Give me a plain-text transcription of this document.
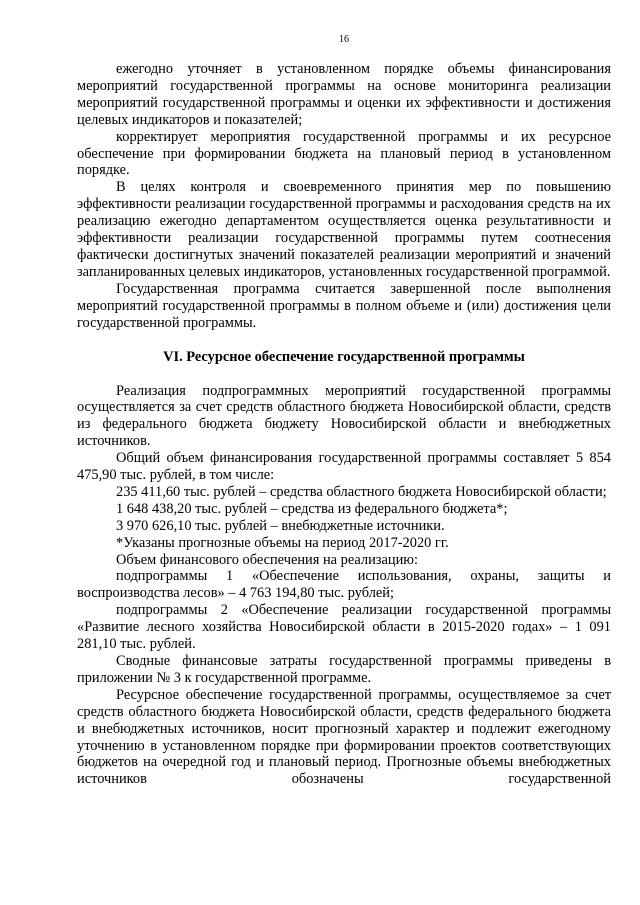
16

ежегодно уточняет в установленном порядке объемы финансирования мероприятий государственной программы на основе мониторинга реализации мероприятий государственной программы и оценки их эффективности и достижения целевых индикаторов и показателей;

корректирует мероприятия государственной программы и их ресурсное обеспечение при формировании бюджета на плановый период в установленном порядке.

В целях контроля и своевременного принятия мер по повышению эффективности реализации государственной программы и расходования средств на их реализацию ежегодно департаментом осуществляется оценка результативности и эффективности реализации государственной программы путем соотнесения фактически достигнутых значений показателей реализации мероприятий и значений запланированных целевых индикаторов, установленных государственной программой.

Государственная программа считается завершенной после выполнения мероприятий государственной программы в полном объеме и (или) достижения цели государственной программы.

VI. Ресурсное обеспечение государственной программы

Реализация подпрограммных мероприятий государственной программы осуществляется за счет средств областного бюджета Новосибирской области, средств из федерального бюджета бюджету Новосибирской области и внебюджетных источников.

Общий объем финансирования государственной программы составляет 5 854 475,90 тыс. рублей, в том числе:

235 411,60 тыс. рублей – средства областного бюджета Новосибирской области;

1 648 438,20 тыс. рублей – средства из федерального бюджета*;

3 970 626,10 тыс. рублей – внебюджетные источники.

*Указаны прогнозные объемы на период 2017-2020 гг.

Объем финансового обеспечения на реализацию:

подпрограммы 1 «Обеспечение использования, охраны, защиты и воспроизводства лесов» – 4 763 194,80 тыс. рублей;

подпрограммы 2 «Обеспечение реализации государственной программы «Развитие лесного хозяйства Новосибирской области в 2015-2020 годах» – 1 091 281,10 тыс. рублей.

Сводные финансовые затраты государственной программы приведены в приложении № 3 к государственной программе.

Ресурсное обеспечение государственной программы, осуществляемое за счет средств областного бюджета Новосибирской области, средств федерального бюджета и внебюджетных источников, носит прогнозный характер и подлежит ежегодному уточнению в установленном порядке при формировании проектов соответствующих бюджетов на очередной год и плановый период. Прогнозные объемы внебюджетных источников обозначены государственной
